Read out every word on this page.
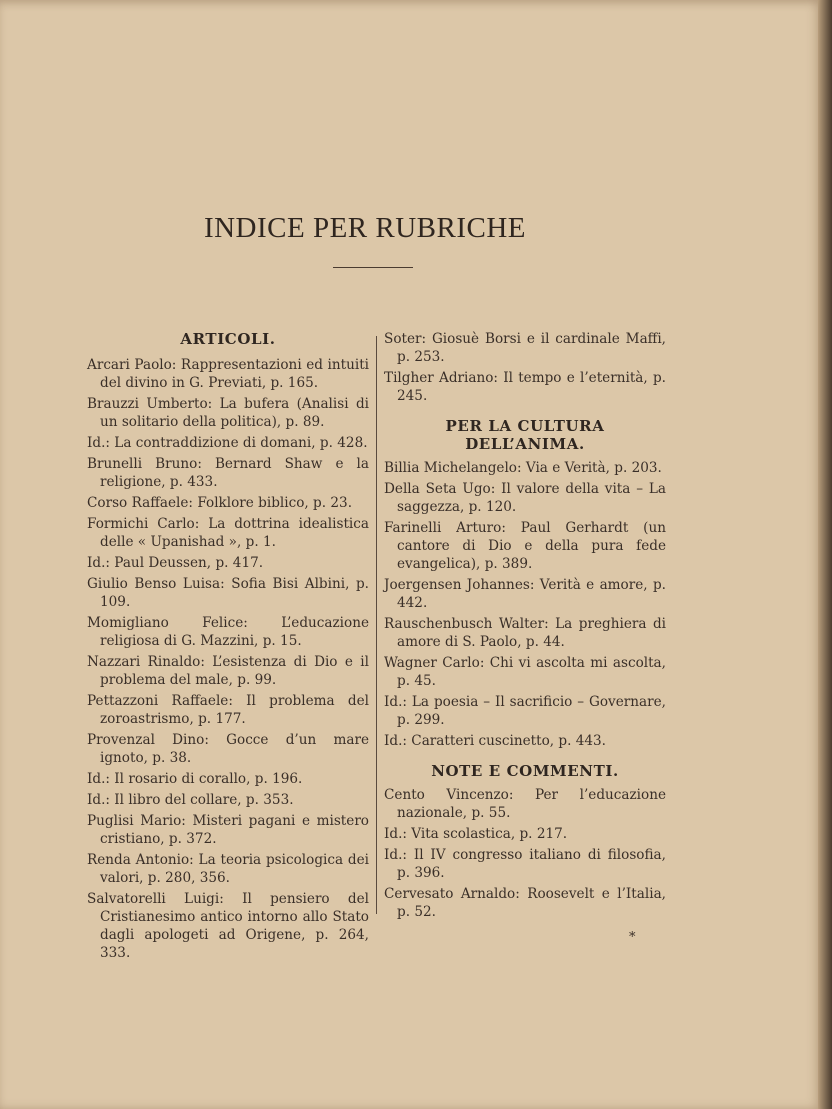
INDICE PER RUBRICHE
ARTICOLI.
Arcari Paolo: Rappresentazioni ed intuiti del divino in G. Previati, p. 165.
Brauzzi Umberto: La bufera (Analisi di un solitario della politica), p. 89.
Id.: La contraddizione di domani, p. 428.
Brunelli Bruno: Bernard Shaw e la religione, p. 433.
Corso Raffaele: Folklore biblico, p. 23.
Formichi Carlo: La dottrina idealistica delle « Upanishad », p. 1.
Id.: Paul Deussen, p. 417.
Giulio Benso Luisa: Sofia Bisi Albini, p. 109.
Momigliano Felice: L’educazione religiosa di G. Mazzini, p. 15.
Nazzari Rinaldo: L’esistenza di Dio e il problema del male, p. 99.
Pettazzoni Raffaele: Il problema del zoroastrismo, p. 177.
Provenzal Dino: Gocce d’un mare ignoto, p. 38.
Id.: Il rosario di corallo, p. 196.
Id.: Il libro del collare, p. 353.
Puglisi Mario: Misteri pagani e mistero cristiano, p. 372.
Renda Antonio: La teoria psicologica dei valori, p. 280, 356.
Salvatorelli Luigi: Il pensiero del Cristianesimo antico intorno allo Stato dagli apologeti ad Origene, p. 264, 333.
Soter: Giosuè Borsi e il cardinale Maffi, p. 253.
Tilgher Adriano: Il tempo e l’eternità, p. 245.
PER LA CULTURA DELL’ANIMA.
Billia Michelangelo: Via e Verità, p. 203.
Della Seta Ugo: Il valore della vita – La saggezza, p. 120.
Farinelli Arturo: Paul Gerhardt (un cantore di Dio e della pura fede evangelica), p. 389.
Joergensen Johannes: Verità e amore, p. 442.
Rauschenbusch Walter: La preghiera di amore di S. Paolo, p. 44.
Wagner Carlo: Chi vi ascolta mi ascolta, p. 45.
Id.: La poesia – Il sacrificio – Governare, p. 299.
Id.: Caratteri cuscinetto, p. 443.
NOTE E COMMENTI.
Cento Vincenzo: Per l’educazione nazionale, p. 55.
Id.: Vita scolastica, p. 217.
Id.: Il IV congresso italiano di filosofia, p. 396.
Cervesato Arnaldo: Roosevelt e l’Italia, p. 52.
*
